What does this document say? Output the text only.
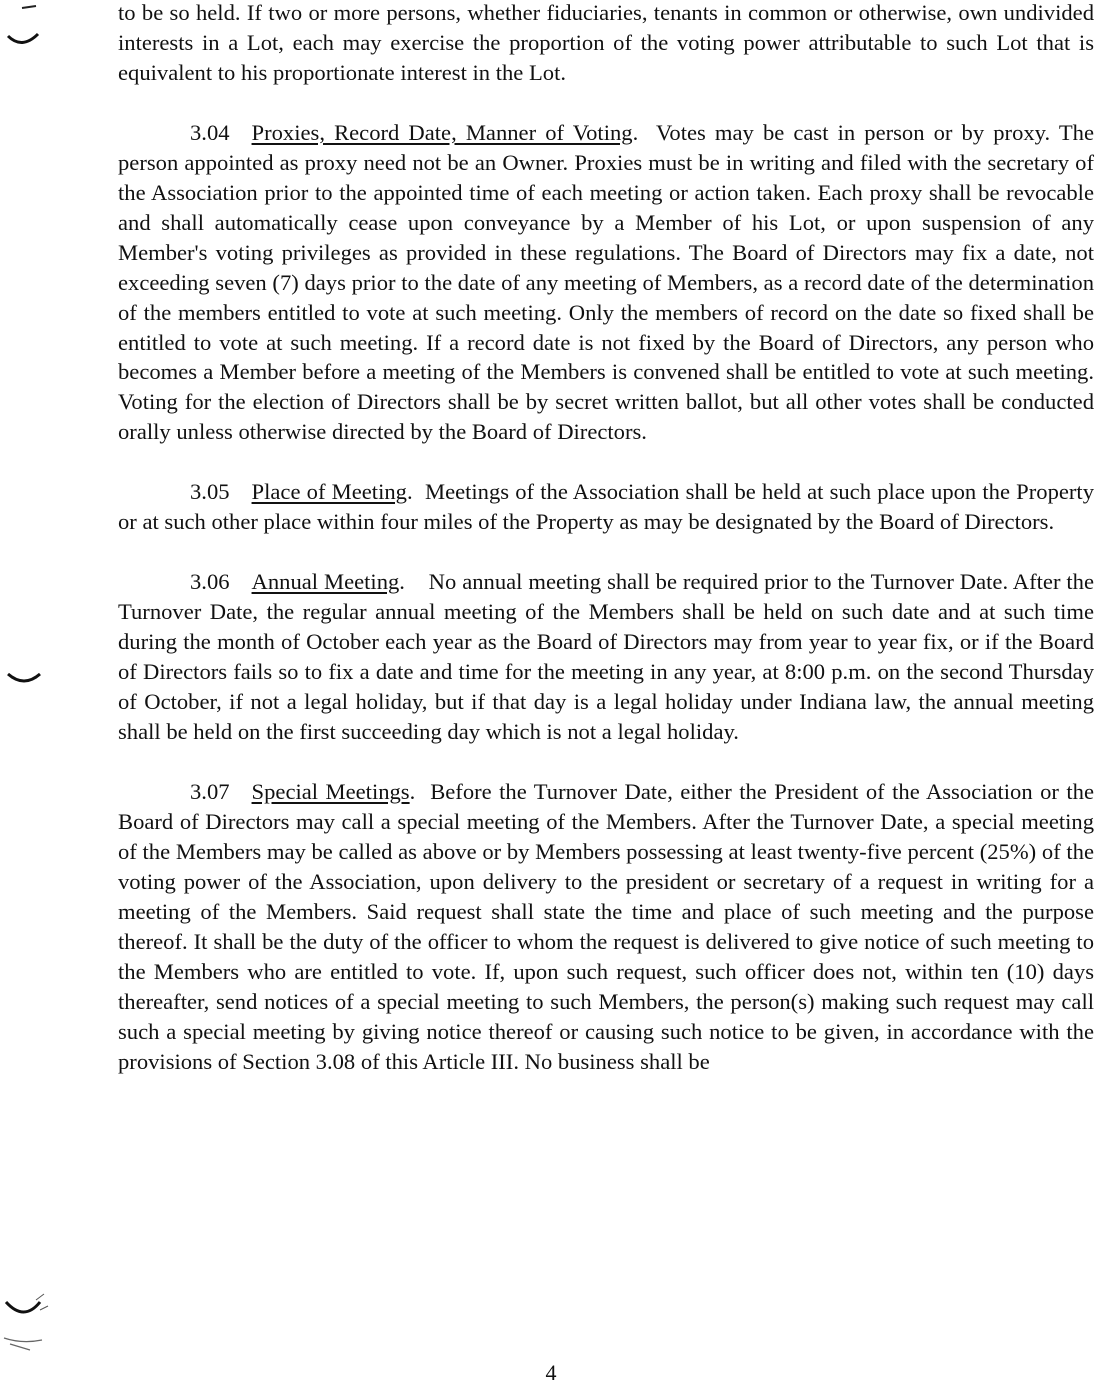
to be so held. If two or more persons, whether fiduciaries, tenants in common or otherwise, own undivided interests in a Lot, each may exercise the proportion of the voting power attributable to such Lot that is equivalent to his proportionate interest in the Lot.

3.04 Proxies, Record Date, Manner of Voting.  Votes may be cast in person or by proxy. The person appointed as proxy need not be an Owner. Proxies must be in writing and filed with the secretary of the Association prior to the appointed time of each meeting or action taken. Each proxy shall be revocable and shall automatically cease upon conveyance by a Member of his Lot, or upon suspension of any Member's voting privileges as provided in these regulations. The Board of Directors may fix a date, not exceeding seven (7) days prior to the date of any meeting of Members, as a record date of the determination of the members entitled to vote at such meeting. Only the members of record on the date so fixed shall be entitled to vote at such meeting. If a record date is not fixed by the Board of Directors, any person who becomes a Member before a meeting of the Members is convened shall be entitled to vote at such meeting. Voting for the election of Directors shall be by secret written ballot, but all other votes shall be conducted orally unless otherwise directed by the Board of Directors.

3.05 Place of Meeting.  Meetings of the Association shall be held at such place upon the Property or at such other place within four miles of the Property as may be designated by the Board of Directors.

3.06 Annual Meeting.    No annual meeting shall be required prior to the Turnover Date. After the Turnover Date, the regular annual meeting of the Members shall be held on such date and at such time during the month of October each year as the Board of Directors may from year to year fix, or if the Board of Directors fails so to fix a date and time for the meeting in any year, at 8:00 p.m. on the second Thursday of October, if not a legal holiday, but if that day is a legal holiday under Indiana law, the annual meeting shall be held on the first succeeding day which is not a legal holiday.

3.07 Special Meetings.  Before the Turnover Date, either the President of the Association or the Board of Directors may call a special meeting of the Members. After the Turnover Date, a special meeting of the Members may be called as above or by Members possessing at least twenty-five percent (25%) of the voting power of the Association, upon delivery to the president or secretary of a request in writing for a meeting of the Members. Said request shall state the time and place of such meeting and the purpose thereof. It shall be the duty of the officer to whom the request is delivered to give notice of such meeting to the Members who are entitled to vote. If, upon such request, such officer does not, within ten (10) days thereafter, send notices of a special meeting to such Members, the person(s) making such request may call such a special meeting by giving notice thereof or causing such notice to be given, in accordance with the provisions of Section 3.08 of this Article III. No business shall be

4
